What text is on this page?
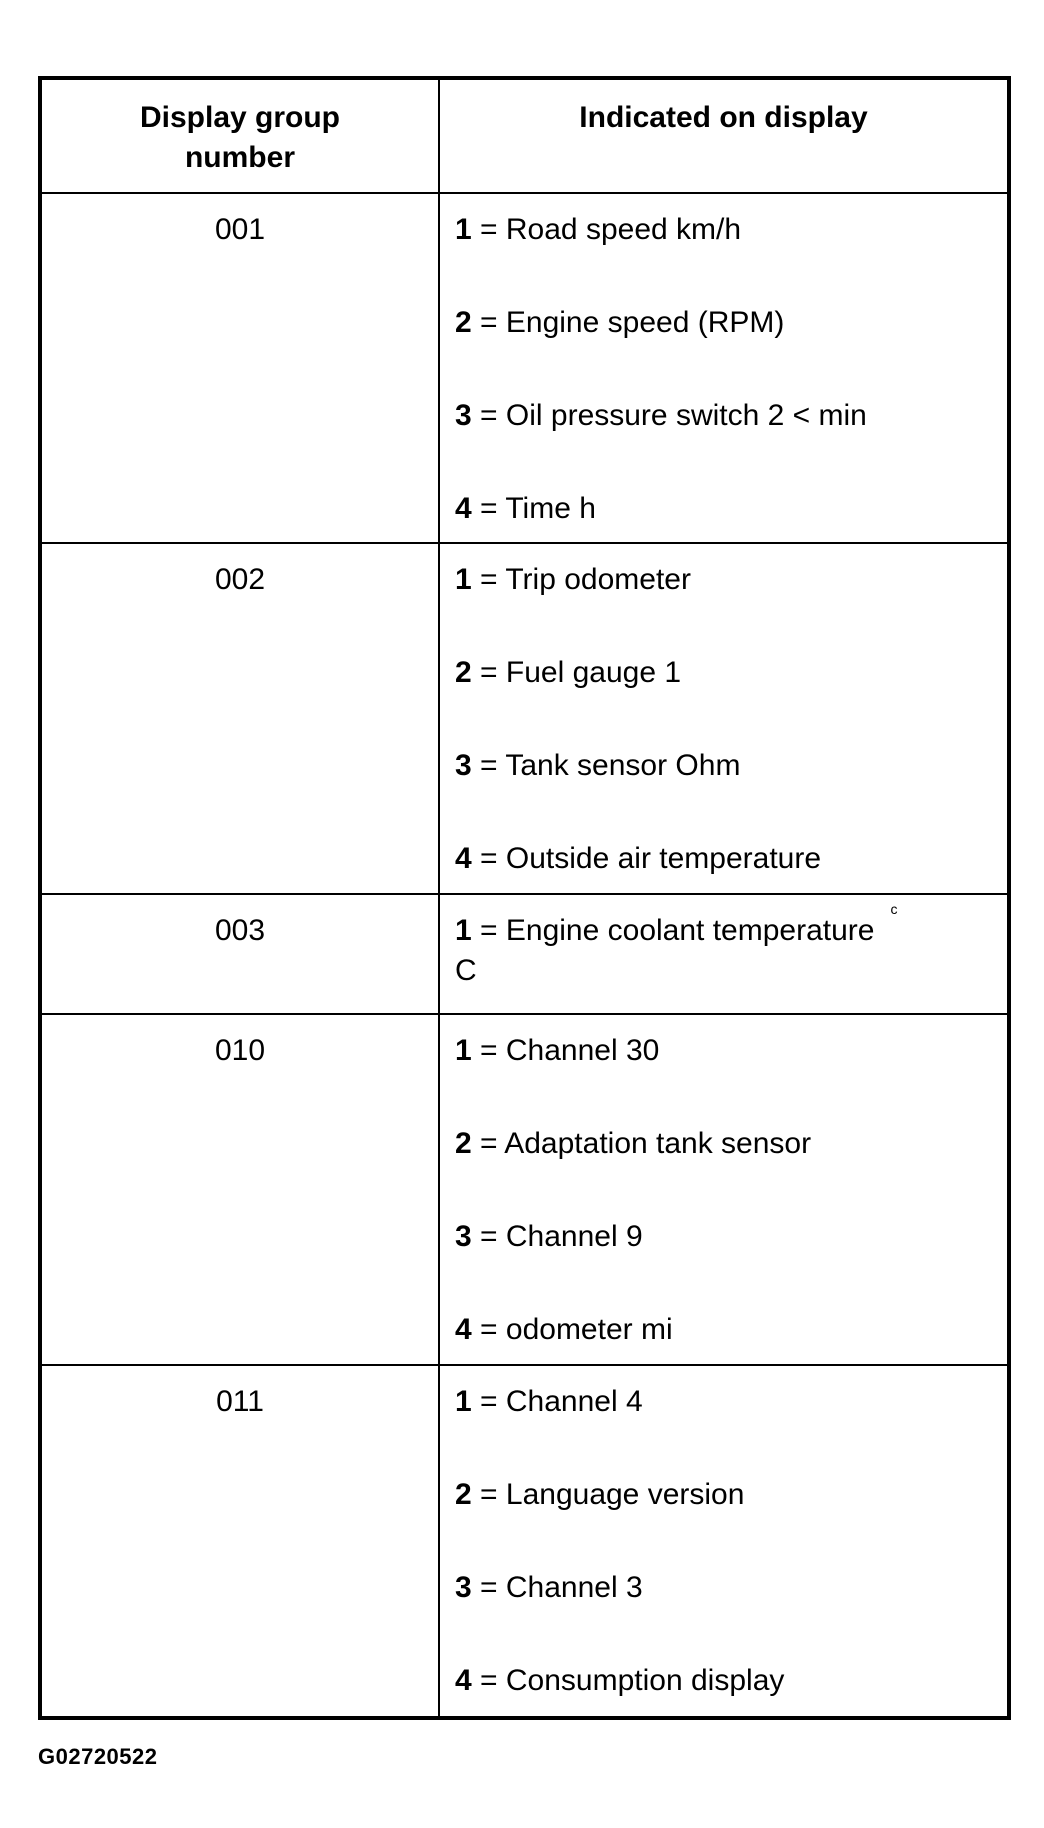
Display group
number	Indicated on display
001	1 = Road speed km/h
2 = Engine speed (RPM)
3 = Oil pressure switch 2 < min
4 = Time h

002	1 = Trip odometer
2 = Fuel gauge 1
3 = Tank sensor Ohm
4 = Outside air temperature

003	1 = Engine coolant temperature$^c$
C

010	1 = Channel 30
2 = Adaptation tank sensor
3 = Channel 9
4 = odometer mi

011	1 = Channel 4
2 = Language version
3 = Channel 3
4 = Consumption display
G02720522
